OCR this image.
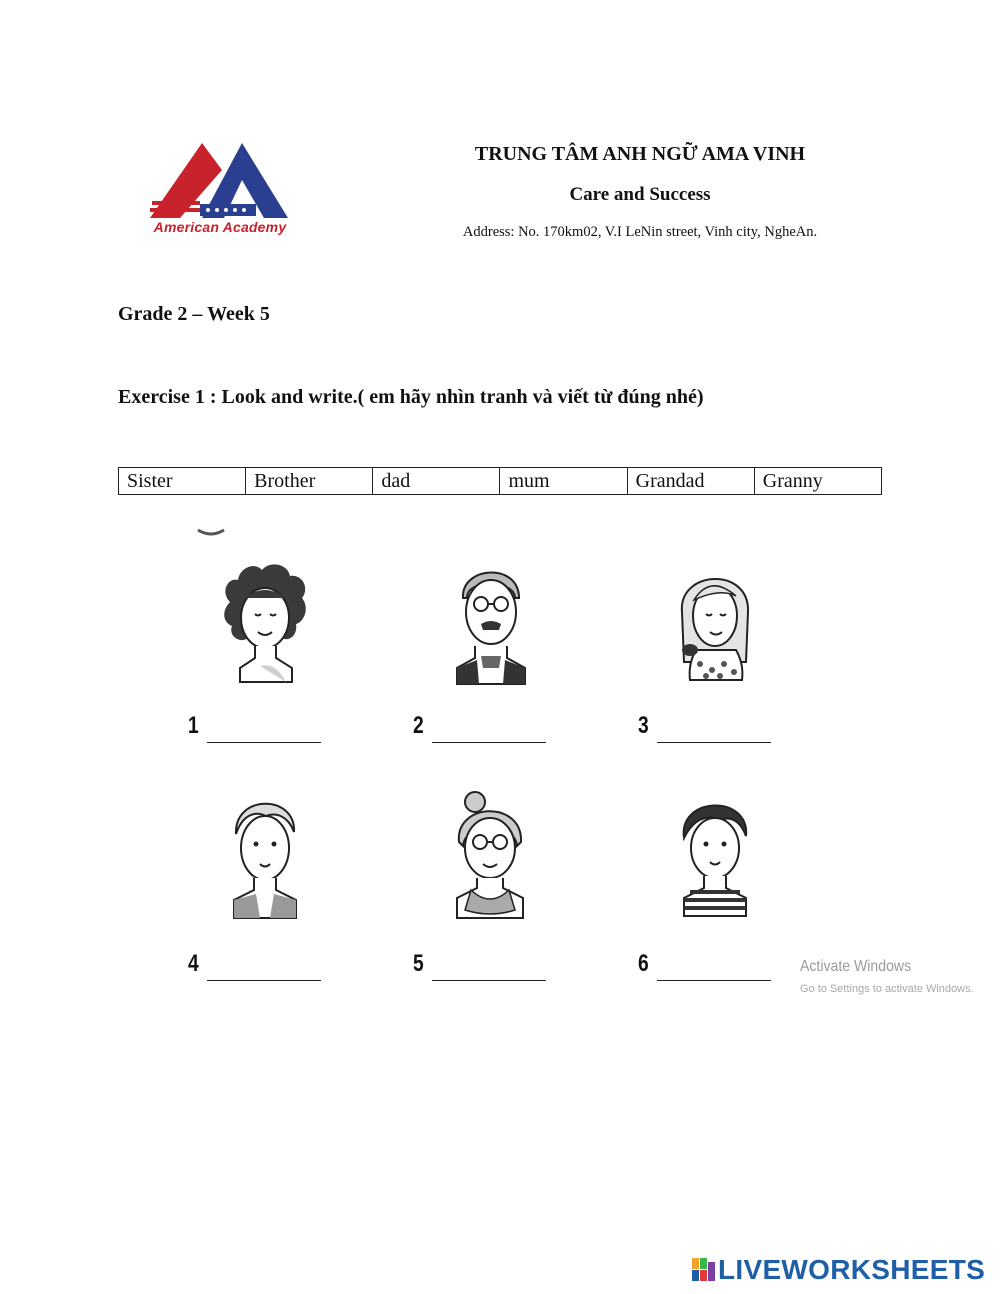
American Academy
TRUNG TÂM ANH NGỮ AMA VINH
Care and Success
Address: No. 170km02, V.I LeNin street, Vinh city, NgheAn.
Grade 2 – Week 5
Exercise 1 : Look and write.( em hãy nhìn tranh và viết từ đúng nhé)
Sister	Brother	dad	mum	Grandad	Granny
1	2	3
4	5	6	Activate Windows
Go to Settings to activate Windows.
LIVEWORKSHEETS
